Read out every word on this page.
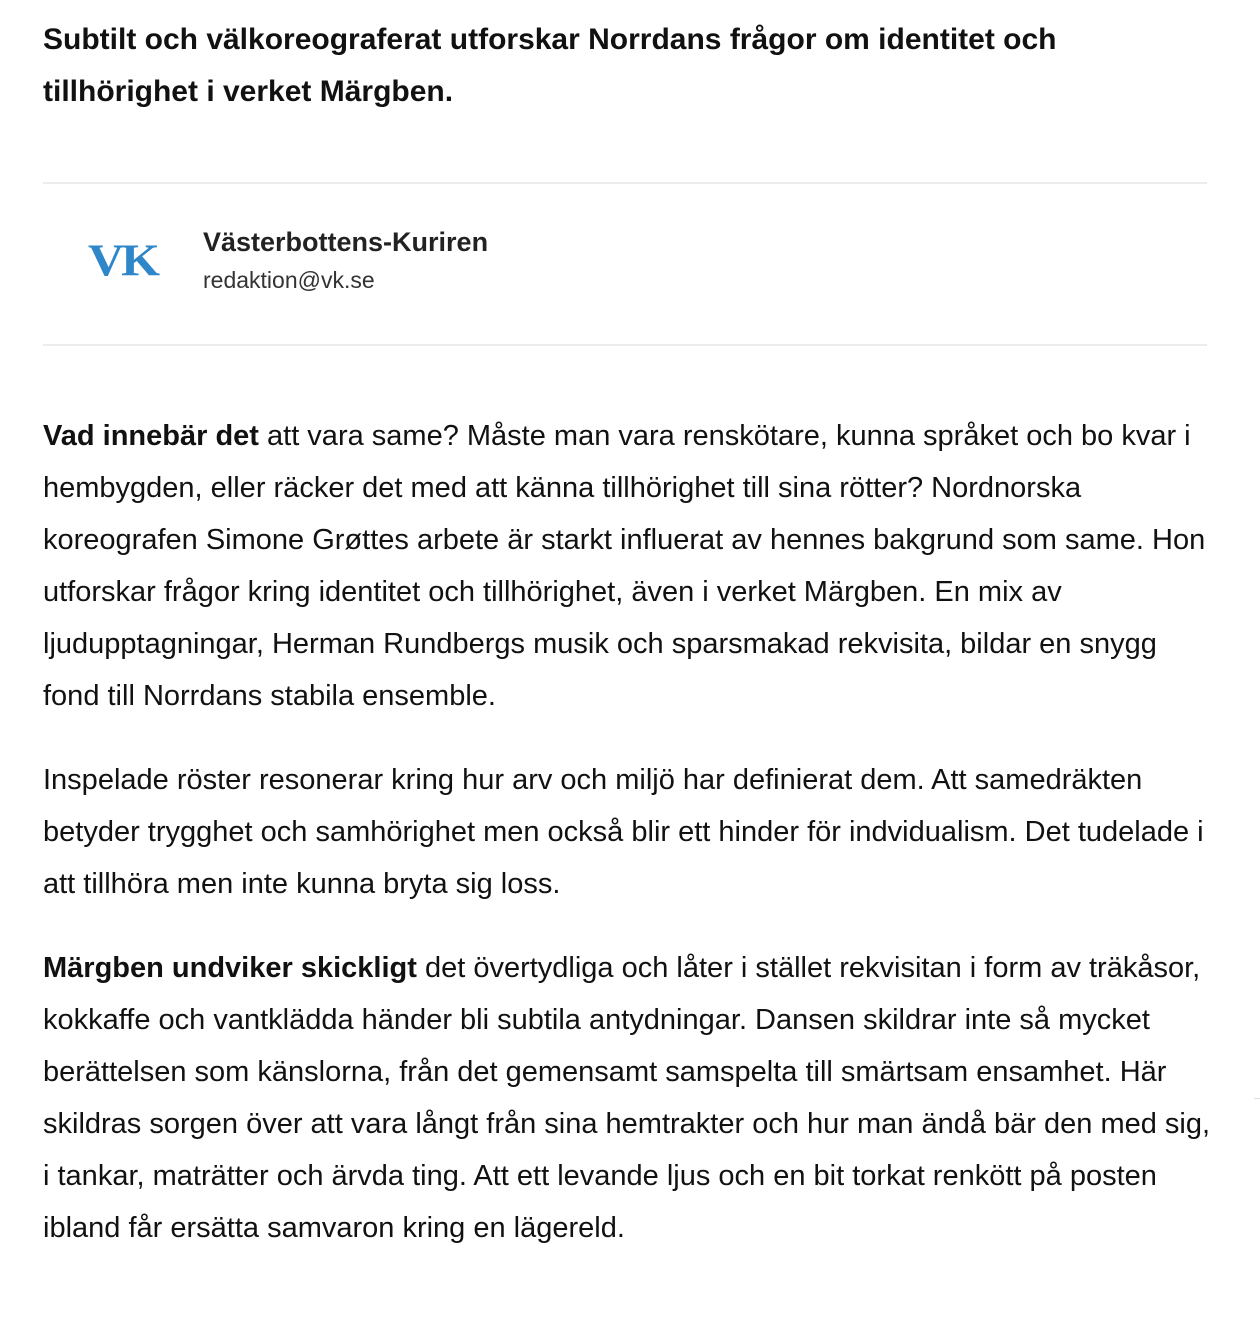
Subtilt och välkoreograferat utforskar Norrdans frågor om identitet och tillhörighet i verket Märgben.

VK Västerbottens-Kuriren
redaktion@vk.se

Vad innebär det att vara same? Måste man vara renskötare, kunna språket och bo kvar i hembygden, eller räcker det med att känna tillhörighet till sina rötter? Nordnorska koreografen Simone Grøttes arbete är starkt influerat av hennes bakgrund som same. Hon utforskar frågor kring identitet och tillhörighet, även i verket Märgben. En mix av ljudupptagningar, Herman Rundbergs musik och sparsmakad rekvisita, bildar en snygg fond till Norrdans stabila ensemble.

Inspelade röster resonerar kring hur arv och miljö har definierat dem. Att samedräkten betyder trygghet och samhörighet men också blir ett hinder för indvidualism. Det tudelade i att tillhöra men inte kunna bryta sig loss.

Märgben undviker skickligt det övertydliga och låter i stället rekvisitan i form av träkåsor, kokkaffe och vantklädda händer bli subtila antydningar. Dansen skildrar inte så mycket berättelsen som känslorna, från det gemensamt samspelta till smärtsam ensamhet. Här skildras sorgen över att vara långt från sina hemtrakter och hur man ändå bär den med sig, i tankar, maträtter och ärvda ting. Att ett levande ljus och en bit torkat renkött på posten ibland får ersätta samvaron kring en lägereld.
